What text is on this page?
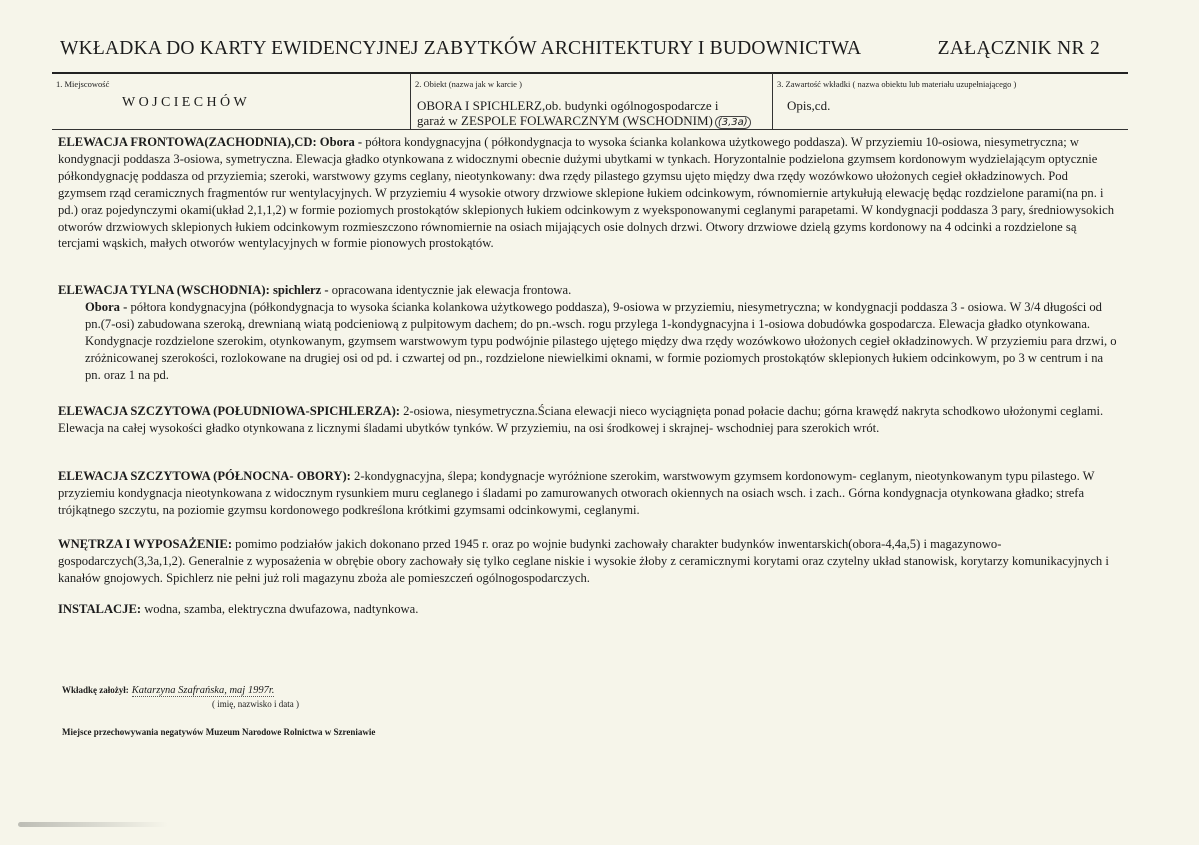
WKŁADKA DO KARTY EWIDENCYJNEJ ZABYTKÓW ARCHITEKTURY I BUDOWNICTWA	ZAŁĄCZNIK NR 2
1. Miejscowość
WOJCIECHÓW
2. Obiekt (nazwa jak w karcie )
OBORA I SPICHLERZ,ob. budynki ogólnogospodarcze i
garaż w ZESPOLE FOLWARCZNYM (WSCHODNIM) (3,3a)
3. Zawartość wkładki ( nazwa obiektu lub materiału uzupełniającego )
Opis,cd.

ELEWACJA FRONTOWA(ZACHODNIA),CD: Obora - półtora kondygnacyjna ( półkondygnacja to wysoka ścianka kolankowa użytkowego poddasza). W przyziemiu 10-osiowa, niesymetryczna; w kondygnacji poddasza 3-osiowa, symetryczna. Elewacja gładko otynkowana z widocznymi obecnie dużymi ubytkami w tynkach. Horyzontalnie podzielona gzymsem kordonowym wydzielającym optycznie półkondygnację poddasza od przyziemia; szeroki, warstwowy gzyms ceglany, nieotynkowany: dwa rzędy pilastego gzymsu ujęto między dwa rzędy wozówkowo ułożonych cegieł okładzinowych. Pod gzymsem rząd ceramicznych fragmentów rur wentylacyjnych. W przyziemiu 4 wysokie otwory drzwiowe sklepione łukiem odcinkowym, równomiernie artykułują elewację będąc rozdzielone parami(na pn. i pd.) oraz pojedynczymi okami(układ 2,1,1,2) w formie poziomych prostokątów sklepionych łukiem odcinkowym z wyeksponowanymi ceglanymi parapetami. W kondygnacji poddasza 3 pary, średniowysokich otworów drzwiowych sklepionych łukiem odcinkowym rozmieszczono równomiernie na osiach mijających osie dolnych drzwi. Otwory drzwiowe dzielą gzyms kordonowy na 4 odcinki a rozdzielone są tercjami wąskich, małych otworów wentylacyjnych w formie pionowych prostokątów.

ELEWACJA TYLNA (WSCHODNIA): spichlerz - opracowana identycznie jak elewacja frontowa.
Obora - półtora kondygnacyjna (półkondygnacja to wysoka ścianka kolankowa użytkowego poddasza), 9-osiowa w przyziemiu, niesymetryczna; w kondygnacji poddasza 3 - osiowa. W 3/4 długości od pn.(7-osi) zabudowana szeroką, drewnianą wiatą podcieniową z pulpitowym dachem; do pn.-wsch. rogu przylega 1-kondygnacyjna i 1-osiowa dobudówka gospodarcza. Elewacja gładko otynkowana. Kondygnacje rozdzielone szerokim, otynkowanym, gzymsem warstwowym typu podwójnie pilastego ujętego między dwa rzędy wozówkowo ułożonych cegieł okładzinowych. W przyziemiu para drzwi, o zróżnicowanej szerokości, rozlokowane na drugiej osi od pd. i czwartej od pn., rozdzielone niewielkimi oknami, w formie poziomych prostokątów sklepionych łukiem odcinkowym, po 3 w centrum i na pn. oraz 1 na pd.

ELEWACJA SZCZYTOWA (POŁUDNIOWA-SPICHLERZA): 2-osiowa, niesymetryczna.Ściana elewacji nieco wyciągnięta ponad połacie dachu; górna krawędź nakryta schodkowo ułożonymi ceglami. Elewacja na całej wysokości gładko otynkowana z licznymi śladami ubytków tynków. W przyziemiu, na osi środkowej i skrajnej- wschodniej para szerokich wrót.

ELEWACJA SZCZYTOWA (PÓŁNOCNA- OBORY): 2-kondygnacyjna, ślepa; kondygnacje wyróżnione szerokim, warstwowym gzymsem kordonowym- ceglanym, nieotynkowanym typu pilastego. W przyziemiu kondygnacja nieotynkowana z widocznym rysunkiem muru ceglanego i śladami po zamurowanych otworach okiennych na osiach wsch. i zach.. Górna kondygnacja otynkowana gładko; strefa trójkątnego szczytu, na poziomie gzymsu kordonowego podkreślona krótkimi gzymsami odcinkowymi, ceglanymi.

WNĘTRZA I WYPOSAŻENIE: pomimo podziałów jakich dokonano przed 1945 r. oraz po wojnie budynki zachowały charakter budynków inwentarskich(obora-4,4a,5) i magazynowo-gospodarczych(3,3a,1,2). Generalnie z wyposażenia w obrębie obory zachowały się tylko ceglane niskie i wysokie żłoby z ceramicznymi korytami oraz czytelny układ stanowisk, korytarzy komunikacyjnych i kanałów gnojowych. Spichlerz nie pełni już roli magazynu zboża ale pomieszczeń ogólnogospodarczych.

INSTALACJE: wodna, szamba, elektryczna dwufazowa, nadtynkowa.

Wkładkę założył: Katarzyna Szafrańska, maj 1997r.
( imię, nazwisko i data )
Miejsce przechowywania negatywów Muzeum Narodowe Rolnictwa w Szreniawie
